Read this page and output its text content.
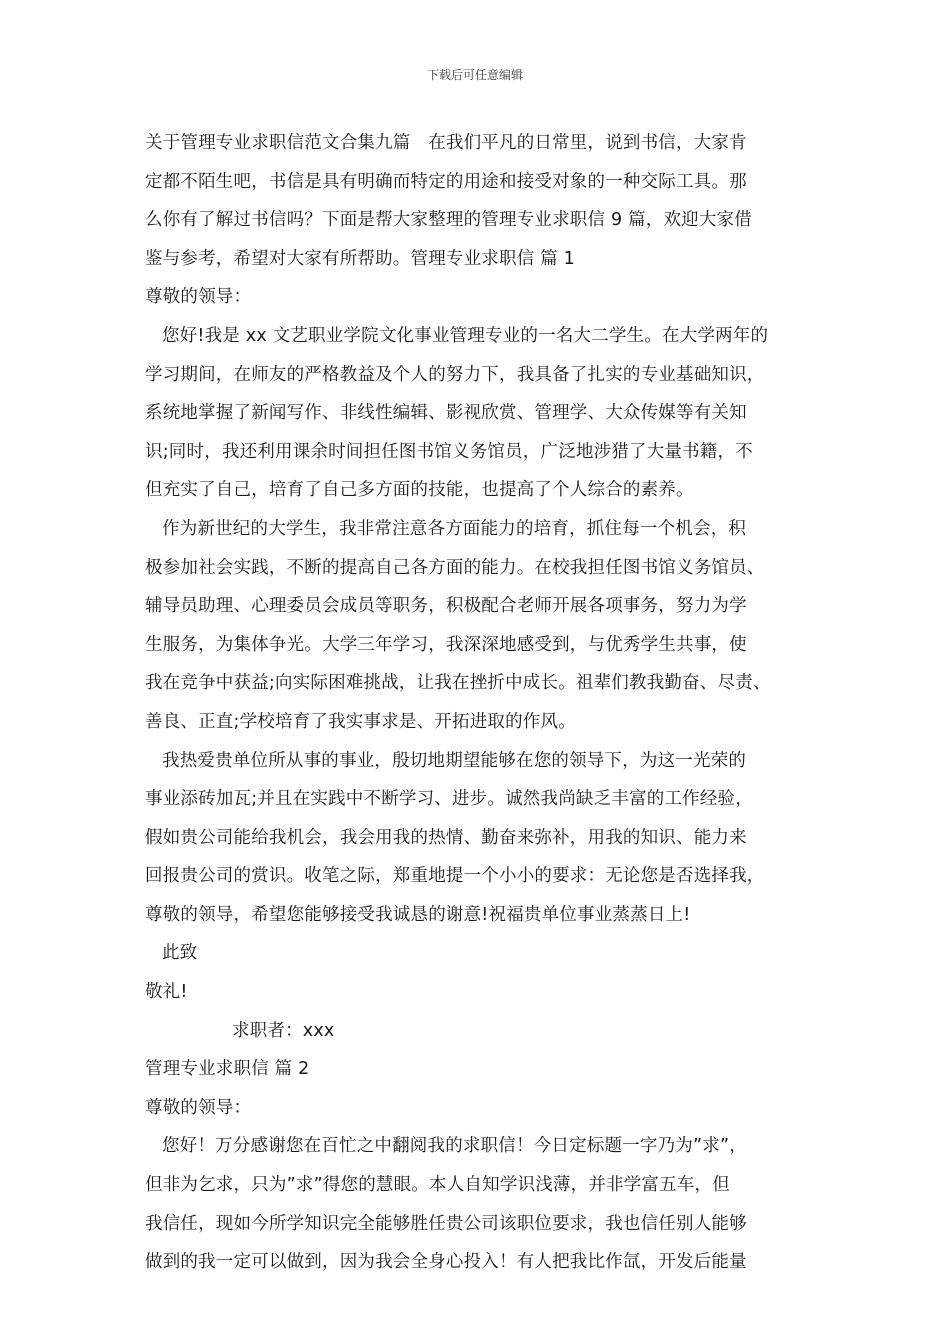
下载后可任意编辑
关于管理专业求职信范文合集九篇　在我们平凡的日常里，说到书信，大家肯
定都不陌生吧，书信是具有明确而特定的用途和接受对象的一种交际工具。那
么你有了解过书信吗？下面是帮大家整理的管理专业求职信 9 篇，欢迎大家借
鉴与参考，希望对大家有所帮助。管理专业求职信 篇 1
尊敬的领导：
您好!我是 xx 文艺职业学院文化事业管理专业的一名大二学生。在大学两年的
学习期间，在师友的严格教益及个人的努力下，我具备了扎实的专业基础知识，
系统地掌握了新闻写作、非线性编辑、影视欣赏、管理学、大众传媒等有关知
识;同时，我还利用课余时间担任图书馆义务馆员，广泛地涉猎了大量书籍，不
但充实了自己，培育了自己多方面的技能，也提高了个人综合的素养。
作为新世纪的大学生，我非常注意各方面能力的培育，抓住每一个机会，积
极参加社会实践，不断的提高自己各方面的能力。在校我担任图书馆义务馆员、
辅导员助理、心理委员会成员等职务，积极配合老师开展各项事务，努力为学
生服务，为集体争光。大学三年学习，我深深地感受到，与优秀学生共事，使
我在竞争中获益;向实际困难挑战，让我在挫折中成长。祖辈们教我勤奋、尽责、
善良、正直;学校培育了我实事求是、开拓进取的作风。
我热爱贵单位所从事的事业，殷切地期望能够在您的领导下，为这一光荣的
事业添砖加瓦;并且在实践中不断学习、进步。诚然我尚缺乏丰富的工作经验，
假如贵公司能给我机会，我会用我的热情、勤奋来弥补，用我的知识、能力来
回报贵公司的赏识。收笔之际，郑重地提一个小小的要求：无论您是否选择我，
尊敬的领导，希望您能够接受我诚恳的谢意!祝福贵单位事业蒸蒸日上!
此致
敬礼!
求职者：xxx
管理专业求职信 篇 2
尊敬的领导：
您好！万分感谢您在百忙之中翻阅我的求职信！今日定标题一字乃为”求”，
但非为乞求，只为”求”得您的慧眼。本人自知学识浅薄，并非学富五车，但
我信任，现如今所学知识完全能够胜任贵公司该职位要求，我也信任别人能够
做到的我一定可以做到，因为我会全身心投入！有人把我比作氙，开发后能量
